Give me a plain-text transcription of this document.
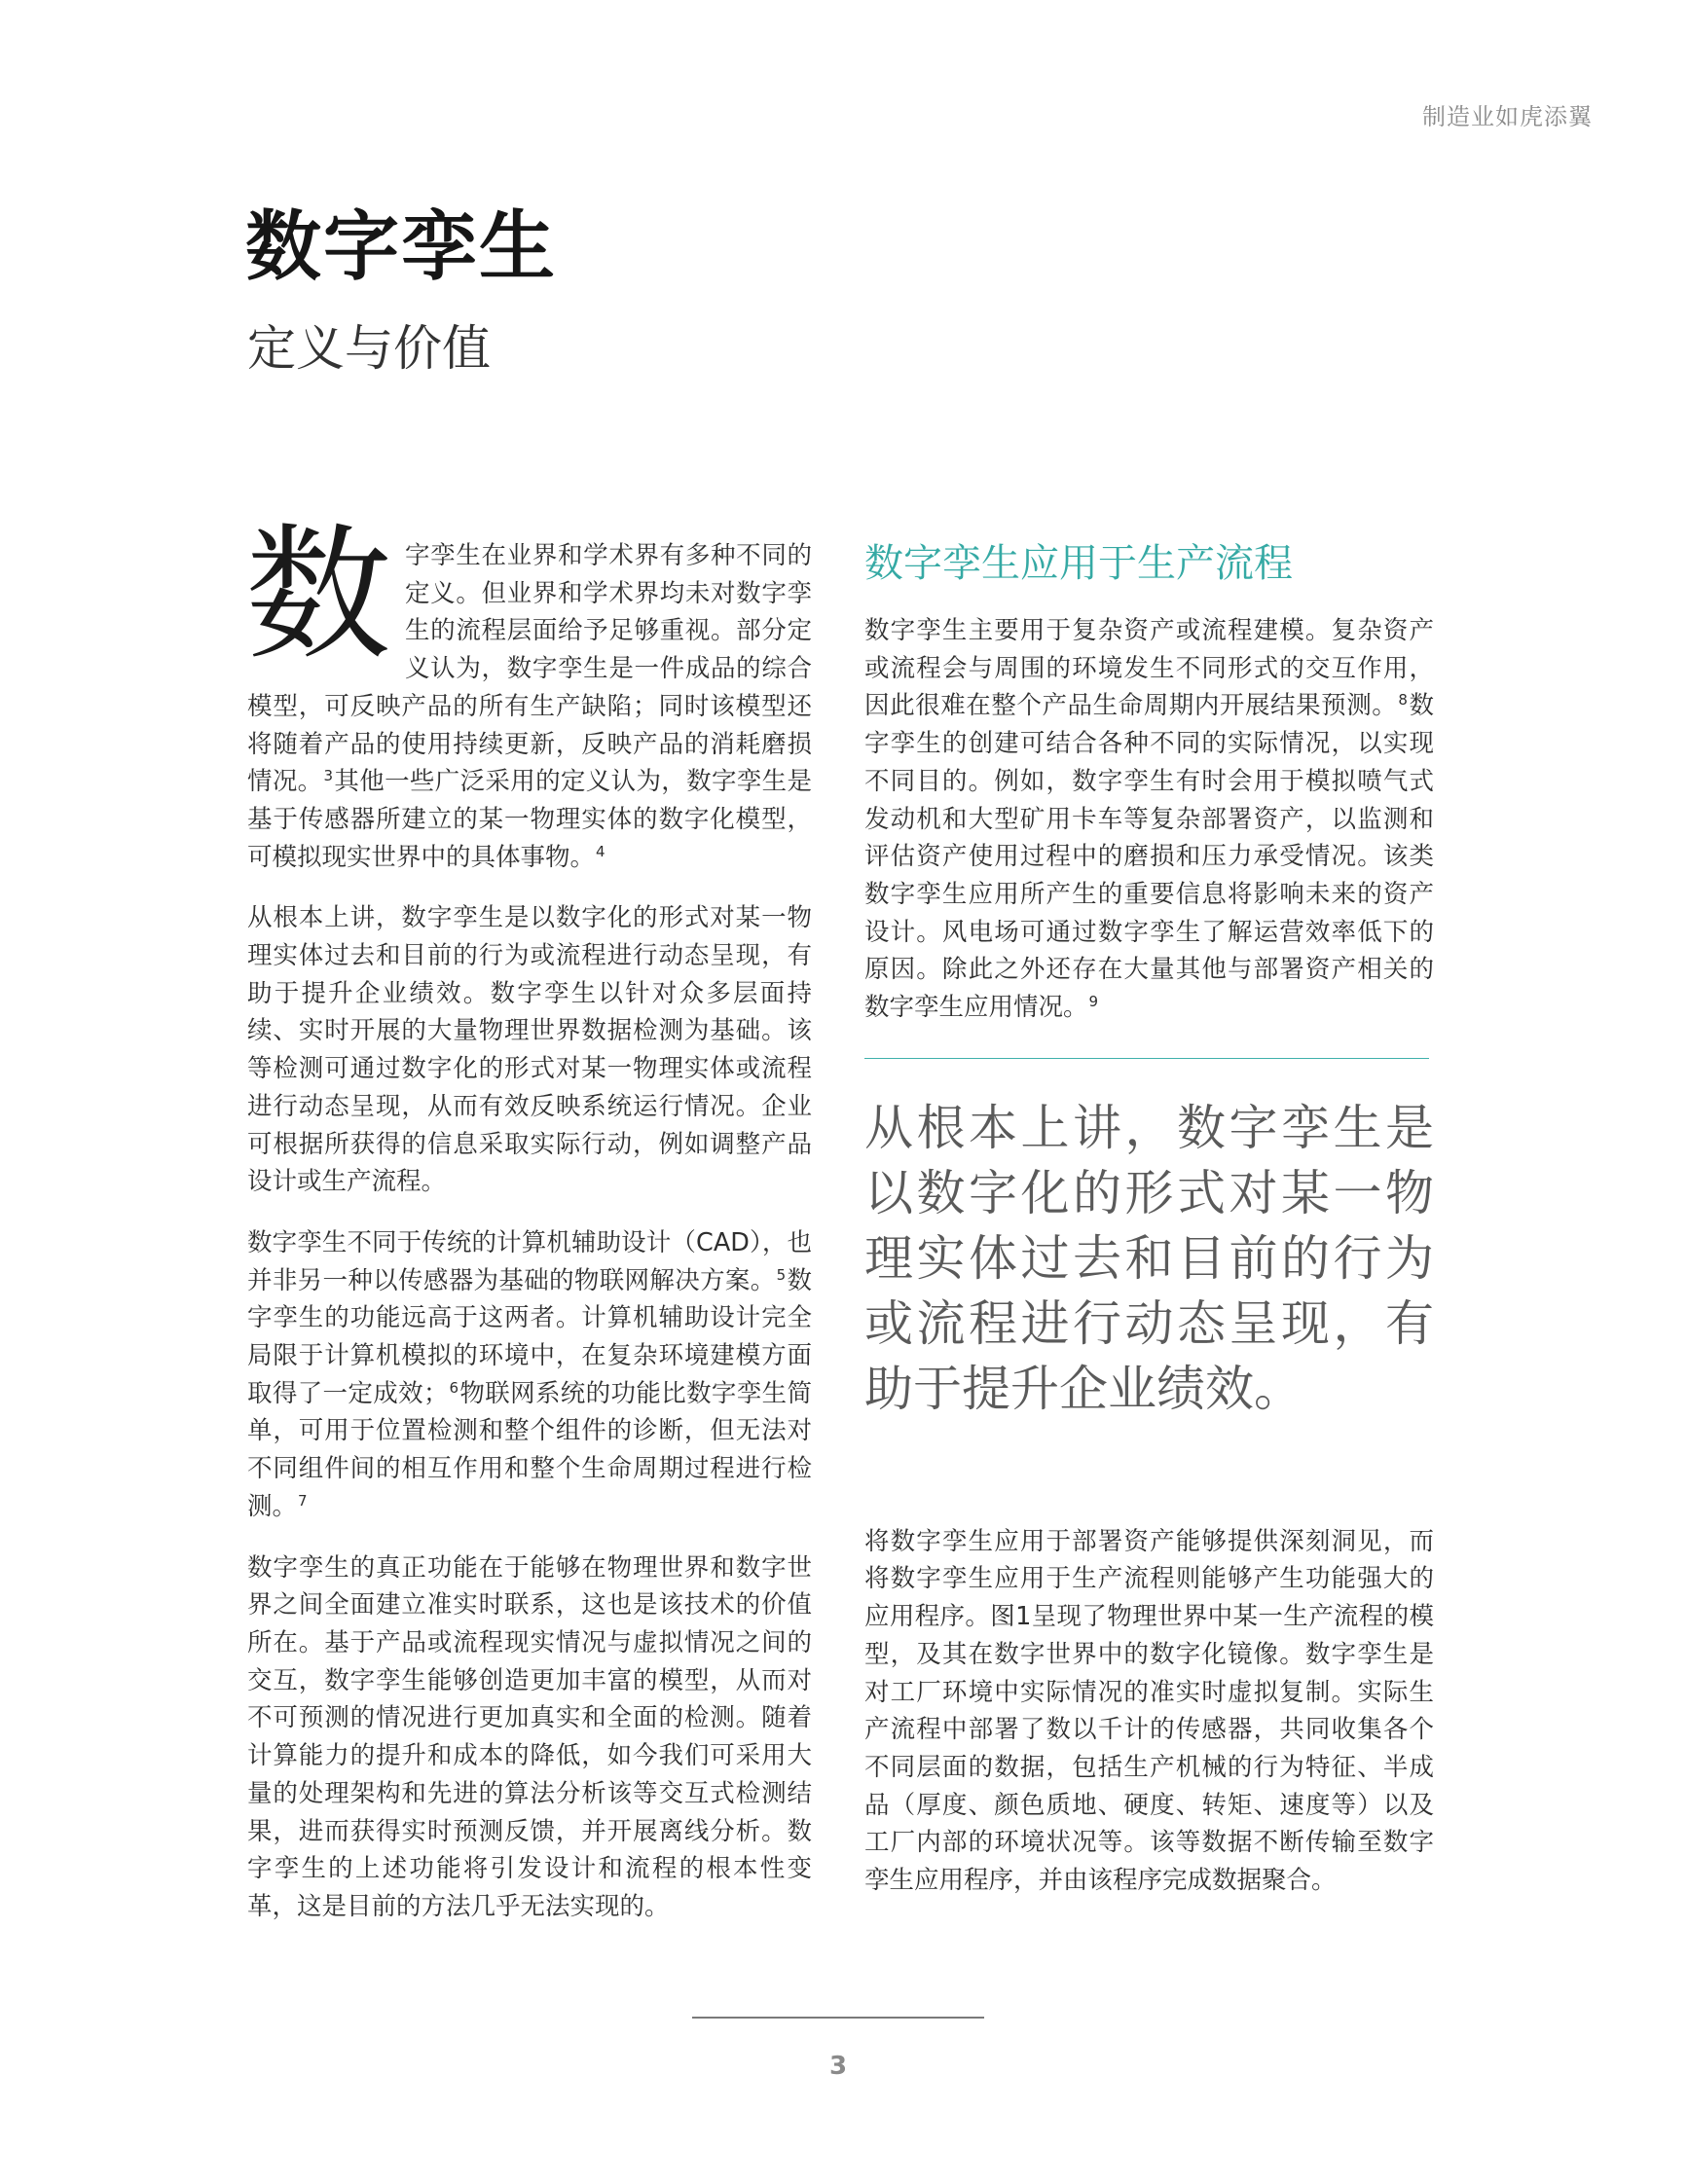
制造业如虎添翼
数字孪生
定义与价值

数 字孪生在业界和学术界有多种不同的定义。但业界和学术界均未对数字孪生的流程层面给予足够重视。部分定义认为，数字孪生是一件成品的综合模型，可反映产品的所有生产缺陷；同时该模型还将随着产品的使用持续更新，反映产品的消耗磨损情况。$^3$其他一些广泛采用的定义认为，数字孪生是基于传感器所建立的某一物理实体的数字化模型，可模拟现实世界中的具体事物。$^4$

从根本上讲，数字孪生是以数字化的形式对某一物理实体过去和目前的行为或流程进行动态呈现，有助于提升企业绩效。数字孪生以针对众多层面持续、实时开展的大量物理世界数据检测为基础。该等检测可通过数字化的形式对某一物理实体或流程进行动态呈现，从而有效反映系统运行情况。企业可根据所获得的信息采取实际行动，例如调整产品设计或生产流程。

数字孪生不同于传统的计算机辅助设计（CAD），也并非另一种以传感器为基础的物联网解决方案。$^5$数字孪生的功能远高于这两者。计算机辅助设计完全局限于计算机模拟的环境中，在复杂环境建模方面取得了一定成效；$^6$物联网系统的功能比数字孪生简单，可用于位置检测和整个组件的诊断，但无法对不同组件间的相互作用和整个生命周期过程进行检测。$^7$

数字孪生的真正功能在于能够在物理世界和数字世界之间全面建立准实时联系，这也是该技术的价值所在。基于产品或流程现实情况与虚拟情况之间的交互，数字孪生能够创造更加丰富的模型，从而对不可预测的情况进行更加真实和全面的检测。随着计算能力的提升和成本的降低，如今我们可采用大量的处理架构和先进的算法分析该等交互式检测结果，进而获得实时预测反馈，并开展离线分析。数字孪生的上述功能将引发设计和流程的根本性变革，这是目前的方法几乎无法实现的。

数字孪生应用于生产流程

数字孪生主要用于复杂资产或流程建模。复杂资产或流程会与周围的环境发生不同形式的交互作用，因此很难在整个产品生命周期内开展结果预测。$^8$数字孪生的创建可结合各种不同的实际情况，以实现不同目的。例如，数字孪生有时会用于模拟喷气式发动机和大型矿用卡车等复杂部署资产，以监测和评估资产使用过程中的磨损和压力承受情况。该类数字孪生应用所产生的重要信息将影响未来的资产设计。风电场可通过数字孪生了解运营效率低下的原因。除此之外还存在大量其他与部署资产相关的数字孪生应用情况。$^9$

从根本上讲，数字孪生是以数字化的形式对某一物理实体过去和目前的行为或流程进行动态呈现，有助于提升企业绩效。

将数字孪生应用于部署资产能够提供深刻洞见，而将数字孪生应用于生产流程则能够产生功能强大的应用程序。图1呈现了物理世界中某一生产流程的模型，及其在数字世界中的数字化镜像。数字孪生是对工厂环境中实际情况的准实时虚拟复制。实际生产流程中部署了数以千计的传感器，共同收集各个不同层面的数据，包括生产机械的行为特征、半成品（厚度、颜色质地、硬度、转矩、速度等）以及工厂内部的环境状况等。该等数据不断传输至数字孪生应用程序，并由该程序完成数据聚合。

3
